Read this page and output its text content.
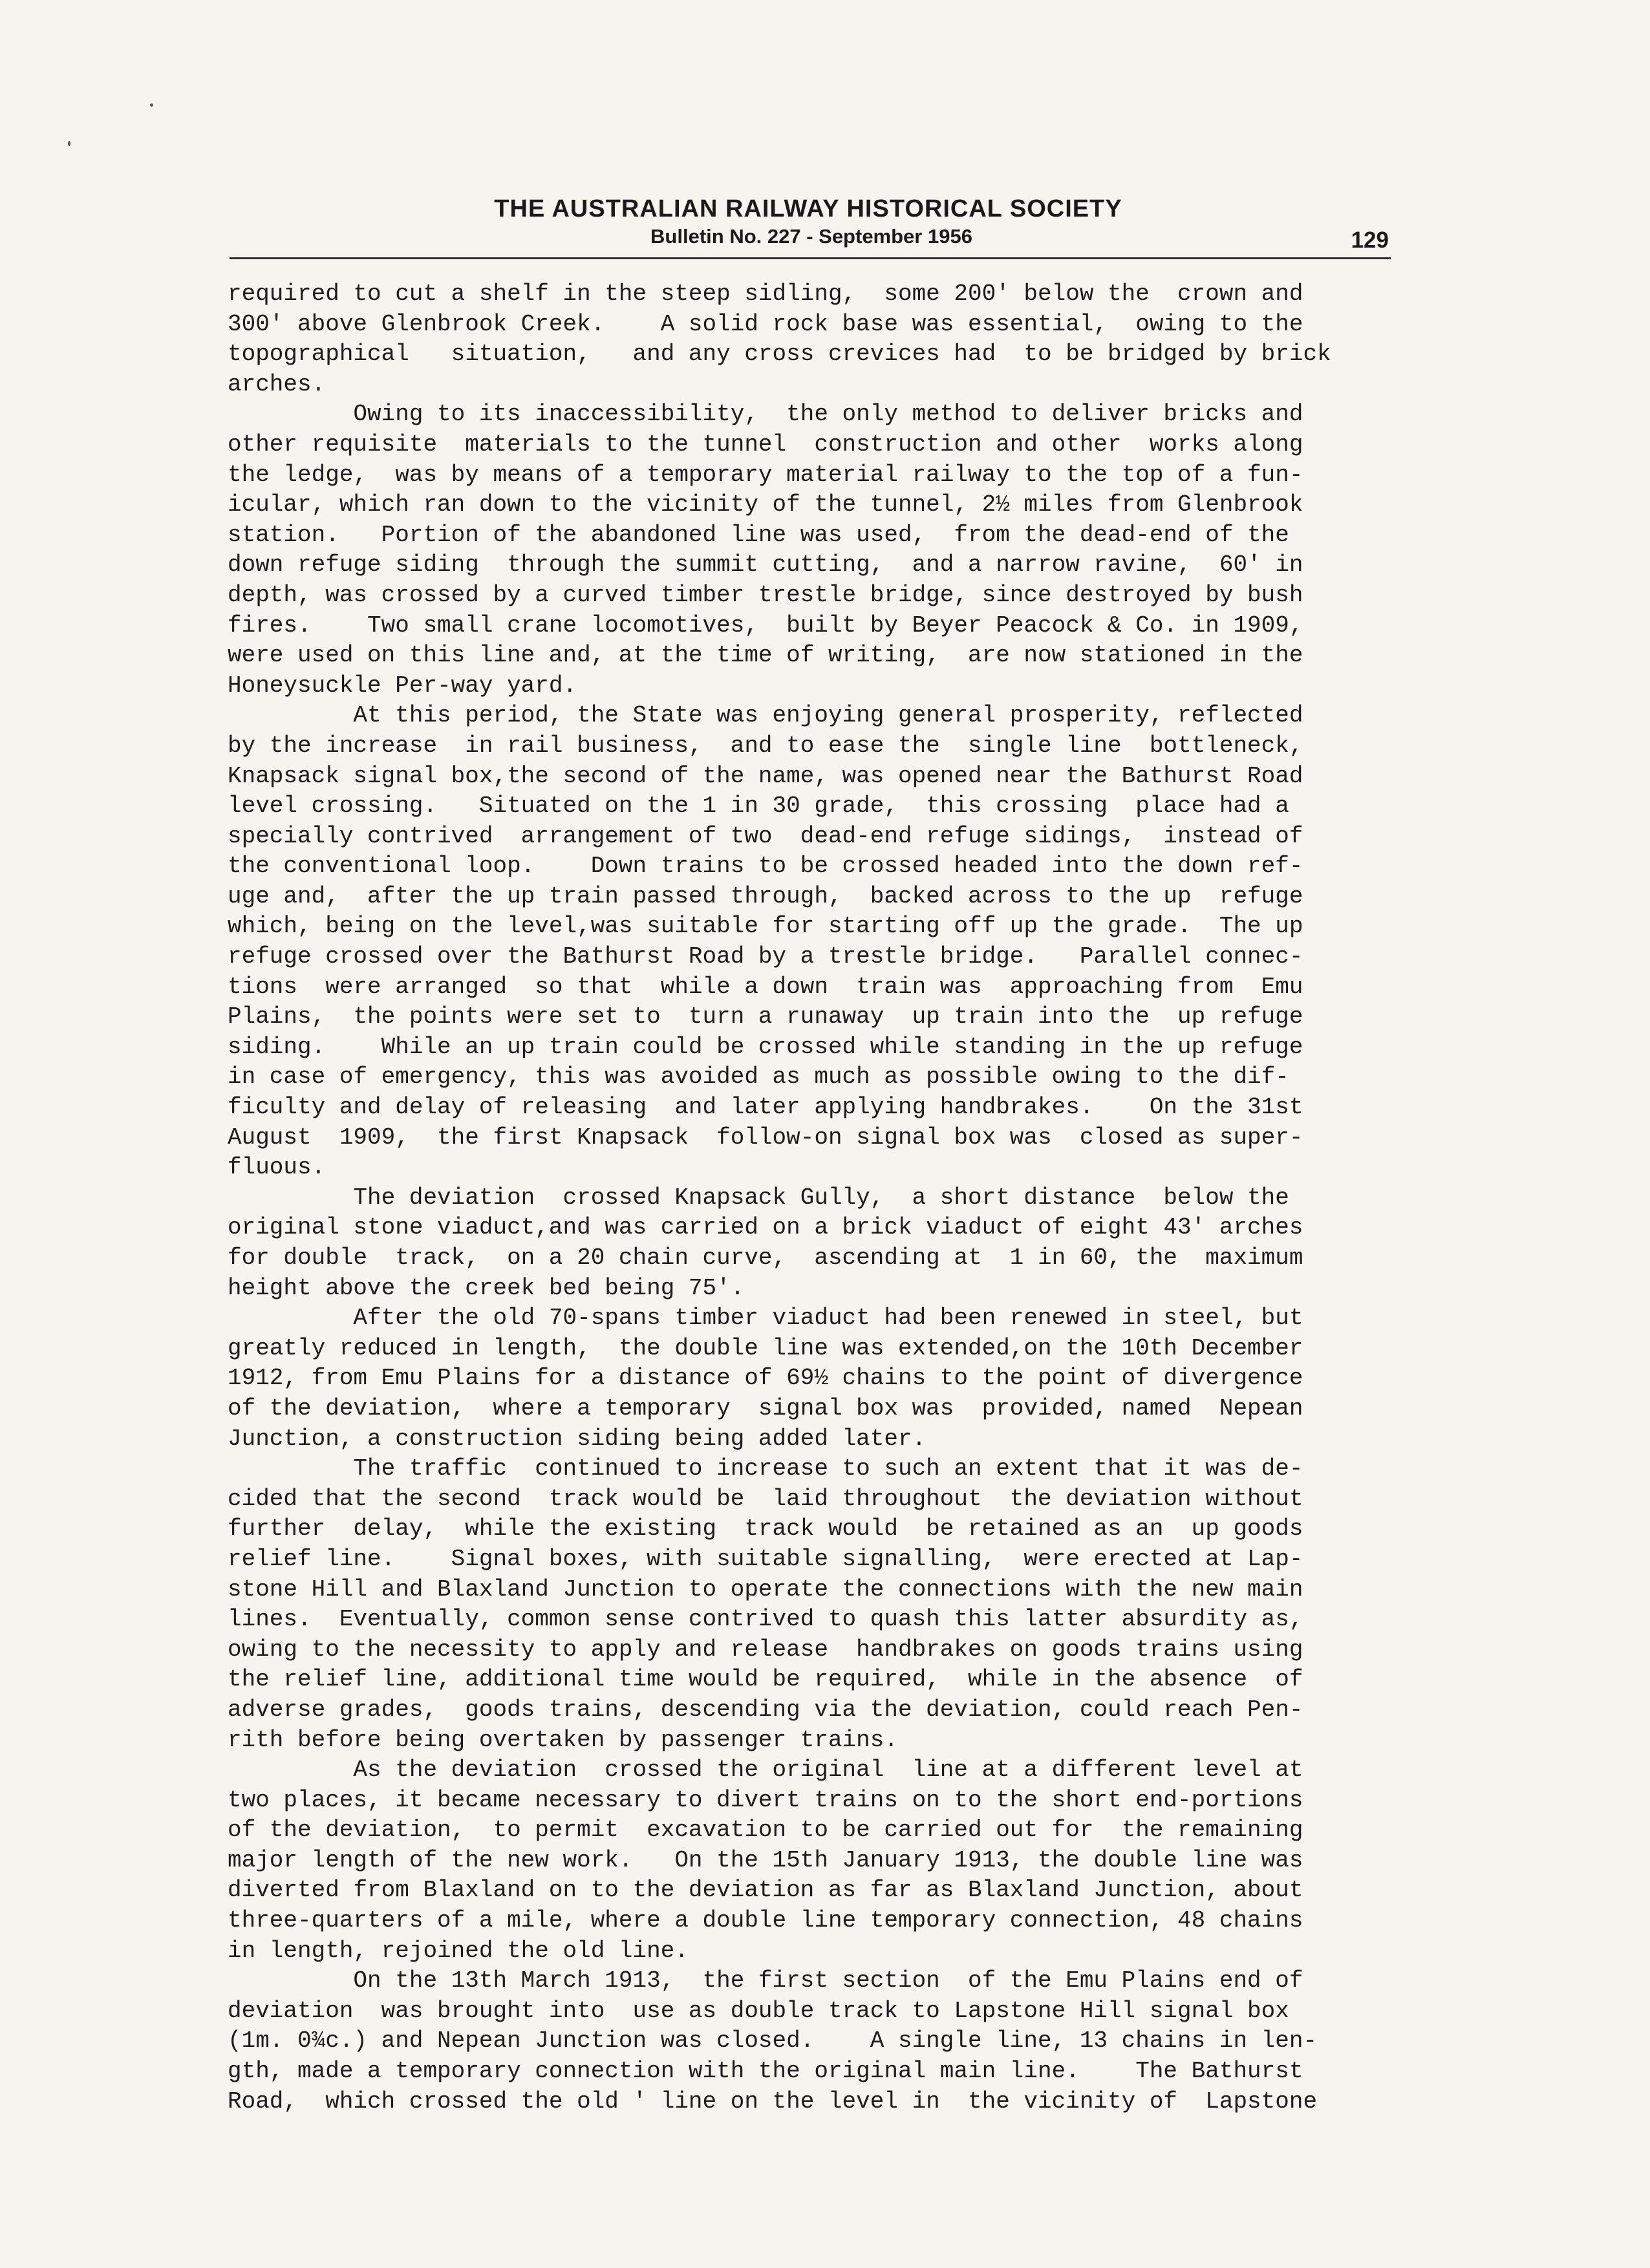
THE AUSTRALIAN RAILWAY HISTORICAL SOCIETY
Bulletin No. 227 - September 1956	129
required to cut a shelf in the steep sidling,  some 200' below the  crown and
300' above Glenbrook Creek.    A solid rock base was essential,  owing to the
topographical   situation,   and any cross crevices had  to be bridged by brick
arches.
Owing to its inaccessibility,  the only method to deliver bricks and
other requisite  materials to the tunnel  construction and other  works along
the ledge,  was by means of a temporary material railway to the top of a fun-
icular, which ran down to the vicinity of the tunnel, 2½ miles from Glenbrook
station.   Portion of the abandoned line was used,  from the dead-end of the
down refuge siding  through the summit cutting,  and a narrow ravine,  60' in
depth, was crossed by a curved timber trestle bridge, since destroyed by bush
fires.    Two small crane locomotives,  built by Beyer Peacock & Co. in 1909,
were used on this line and, at the time of writing,  are now stationed in the
Honeysuckle Per-way yard.
At this period, the State was enjoying general prosperity, reflected
by the increase  in rail business,  and to ease the  single line  bottleneck,
Knapsack signal box,the second of the name, was opened near the Bathurst Road
level crossing.   Situated on the 1 in 30 grade,  this crossing  place had a
specially contrived  arrangement of two  dead-end refuge sidings,  instead of
the conventional loop.    Down trains to be crossed headed into the down ref-
uge and,  after the up train passed through,  backed across to the up  refuge
which, being on the level,was suitable for starting off up the grade.  The up
refuge crossed over the Bathurst Road by a trestle bridge.   Parallel connec-
tions  were arranged  so that  while a down  train was  approaching from  Emu
Plains,  the points were set to  turn a runaway  up train into the  up refuge
siding.    While an up train could be crossed while standing in the up refuge
in case of emergency, this was avoided as much as possible owing to the dif-
ficulty and delay of releasing  and later applying handbrakes.    On the 31st
August  1909,  the first Knapsack  follow-on signal box was  closed as super-
fluous.
The deviation  crossed Knapsack Gully,  a short distance  below the
original stone viaduct,and was carried on a brick viaduct of eight 43' arches
for double  track,  on a 20 chain curve,  ascending at  1 in 60, the  maximum
height above the creek bed being 75'.
After the old 70-spans timber viaduct had been renewed in steel, but
greatly reduced in length,  the double line was extended,on the 10th December
1912, from Emu Plains for a distance of 69½ chains to the point of divergence
of the deviation,  where a temporary  signal box was  provided, named  Nepean
Junction, a construction siding being added later.
The traffic  continued to increase to such an extent that it was de-
cided that the second  track would be  laid throughout  the deviation without
further  delay,  while the existing  track would  be retained as an  up goods
relief line.    Signal boxes, with suitable signalling,  were erected at Lap-
stone Hill and Blaxland Junction to operate the connections with the new main
lines.  Eventually, common sense contrived to quash this latter absurdity as,
owing to the necessity to apply and release  handbrakes on goods trains using
the relief line, additional time would be required,  while in the absence  of
adverse grades,  goods trains, descending via the deviation, could reach Pen-
rith before being overtaken by passenger trains.
As the deviation  crossed the original  line at a different level at
two places, it became necessary to divert trains on to the short end-portions
of the deviation,  to permit  excavation to be carried out for  the remaining
major length of the new work.   On the 15th January 1913, the double line was
diverted from Blaxland on to the deviation as far as Blaxland Junction, about
three-quarters of a mile, where a double line temporary connection, 48 chains
in length, rejoined the old line.
On the 13th March 1913,  the first section  of the Emu Plains end of
deviation  was brought into  use as double track to Lapstone Hill signal box
(1m. 0¾c.) and Nepean Junction was closed.    A single line, 13 chains in len-
gth, made a temporary connection with the original main line.    The Bathurst
Road,  which crossed the old ' line on the level in  the vicinity of  Lapstone
